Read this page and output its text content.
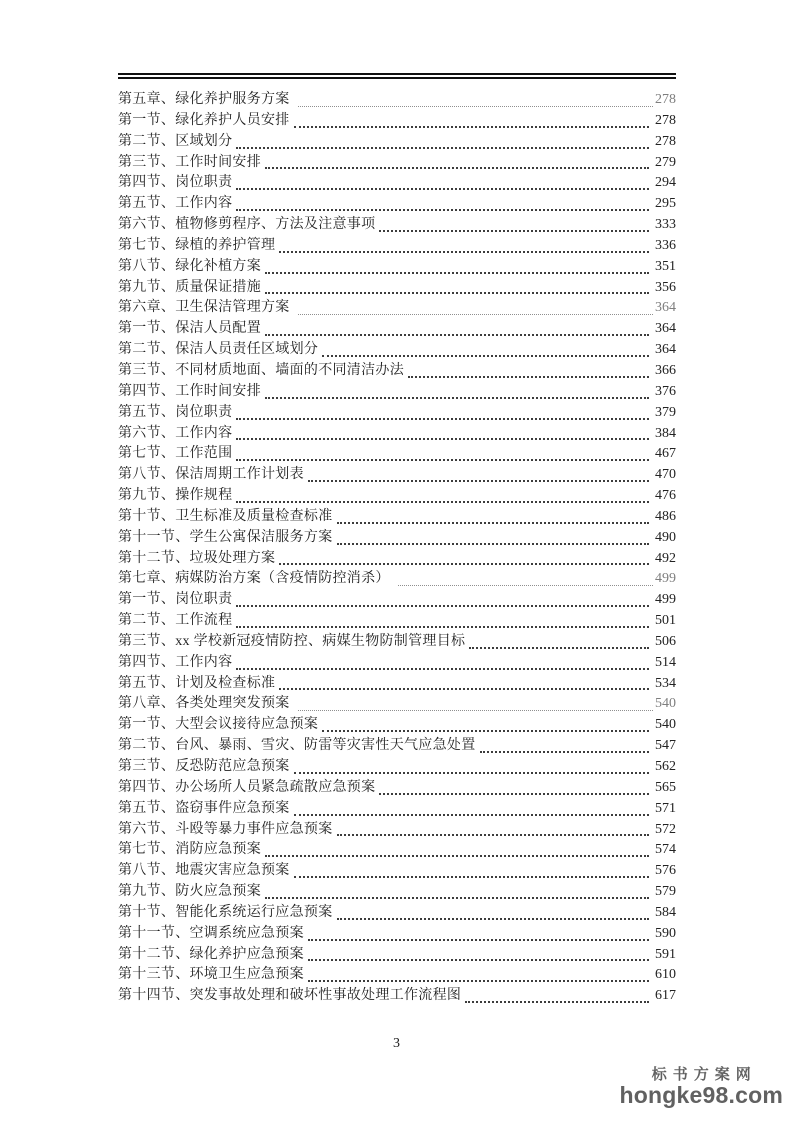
第五章、绿化养护服务方案	278
第一节、绿化养护人员安排	278
第二节、区域划分	278
第三节、工作时间安排	279
第四节、岗位职责	294
第五节、工作内容	295
第六节、植物修剪程序、方法及注意事项	333
第七节、绿植的养护管理	336
第八节、绿化补植方案	351
第九节、质量保证措施	356
第六章、卫生保洁管理方案	364
第一节、保洁人员配置	364
第二节、保洁人员责任区域划分	364
第三节、不同材质地面、墙面的不同清洁办法	366
第四节、工作时间安排	376
第五节、岗位职责	379
第六节、工作内容	384
第七节、工作范围	467
第八节、保洁周期工作计划表	470
第九节、操作规程	476
第十节、卫生标准及质量检查标准	486
第十一节、学生公寓保洁服务方案	490
第十二节、垃圾处理方案	492
第七章、病媒防治方案（含疫情防控消杀）	499
第一节、岗位职责	499
第二节、工作流程	501
第三节、xx 学校新冠疫情防控、病媒生物防制管理目标	506
第四节、工作内容	514
第五节、计划及检查标准	534
第八章、各类处理突发预案	540
第一节、大型会议接待应急预案	540
第二节、台风、暴雨、雪灾、防雷等灾害性天气应急处置	547
第三节、反恐防范应急预案	562
第四节、办公场所人员紧急疏散应急预案	565
第五节、盗窃事件应急预案	571
第六节、斗殴等暴力事件应急预案	572
第七节、消防应急预案	574
第八节、地震灾害应急预案	576
第九节、防火应急预案	579
第十节、智能化系统运行应急预案	584
第十一节、空调系统应急预案	590
第十二节、绿化养护应急预案	591
第十三节、环境卫生应急预案	610
第十四节、突发事故处理和破坏性事故处理工作流程图	617
3
标书方案网
hongke98.com
